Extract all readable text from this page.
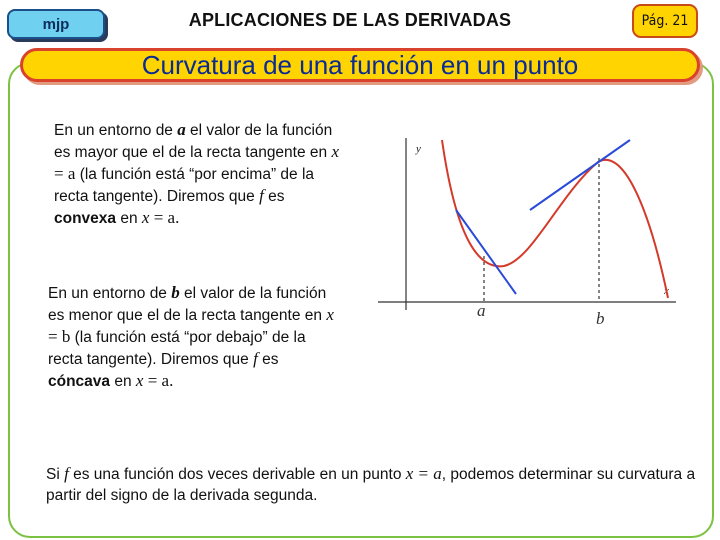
mjp	APLICACIONES DE LAS DERIVADAS	Pág. 21
Curvatura de una función en un punto
En un entorno de a el valor de la función es mayor que el de la recta tangente en x = a (la función está “por encima” de la recta tangente). Diremos que f es convexa en x = a.
En un entorno de b el valor de la función es menor que el de la recta tangente en x = b (la función está “por debajo” de la recta tangente). Diremos que f es cóncava en x = a.
Si f es una función dos veces derivable en un punto x = a, podemos determinar su curvatura a partir del signo de la derivada segunda.
y
x
a	b
